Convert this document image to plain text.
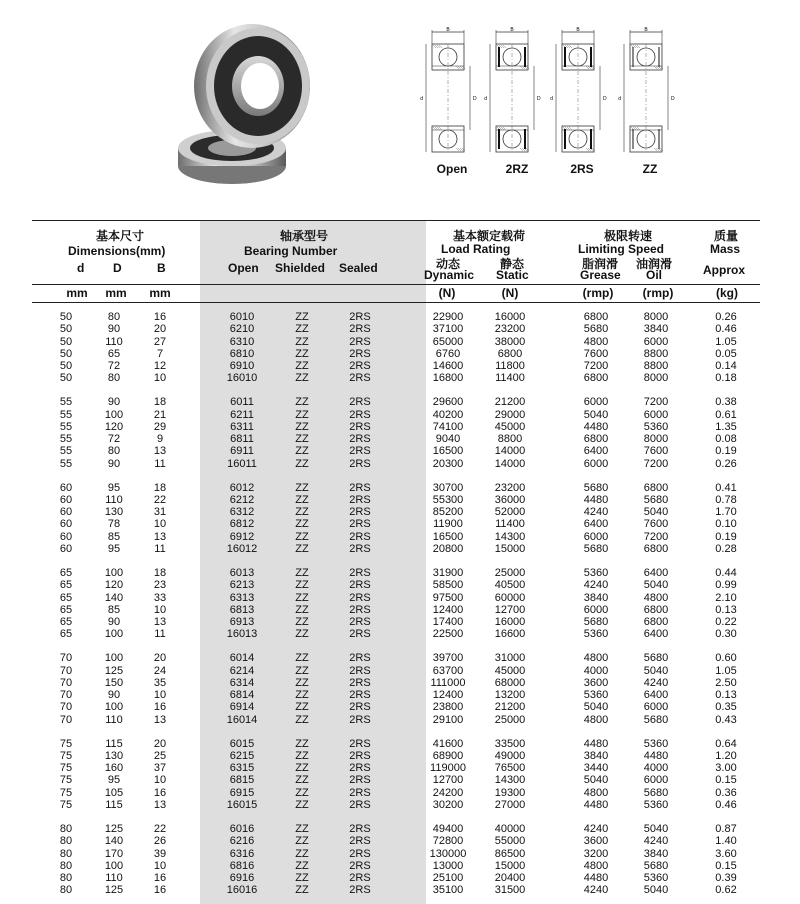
B
d	D
B
d	D
B
d	D
B
d	D
Open	2RZ	2RS	ZZ
基本尺寸
Dimensions(mm)
d D	B
轴承型号
Bearing Number
Open Shielded Sealed
基本额定载荷
Load Rating
动态
Dynamic
静态
Static
极限转速
Limiting Speed
脂润滑
Grease
油润滑
Oil
质量
Mass
Approx
mm mm mm	(N)	(N)	(rmp)	(rmp)	(kg)
50	80	16	6010	ZZ	2RS	22900	16000	6800	8000	0.26
50	90	20	6210	ZZ	2RS	37100	23200	5680	3840	0.46
50	110	27	6310	ZZ	2RS	65000	38000	4800	6000	1.05
50	65	7	6810	ZZ	2RS	6760	6800	7600	8800	0.05
50	72	12	6910	ZZ	2RS	14600	11800	7200	8800	0.14
50	80	10	16010	ZZ	2RS	16800	11400	6800	8000	0.18
55	90	18	6011	ZZ	2RS	29600	21200	6000	7200	0.38
55	100	21	6211	ZZ	2RS	40200	29000	5040	6000	0.61
55	120	29	6311	ZZ	2RS	74100	45000	4480	5360	1.35
55	72	9	6811	ZZ	2RS	9040	8800	6800	8000	0.08
55	80	13	6911	ZZ	2RS	16500	14000	6400	7600	0.19
55	90	11	16011	ZZ	2RS	20300	14000	6000	7200	0.26
60	95	18	6012	ZZ	2RS	30700	23200	5680	6800	0.41
60	110	22	6212	ZZ	2RS	55300	36000	4480	5680	0.78
60	130	31	6312	ZZ	2RS	85200	52000	4240	5040	1.70
60	78	10	6812	ZZ	2RS	11900	11400	6400	7600	0.10
60	85	13	6912	ZZ	2RS	16500	14300	6000	7200	0.19
60	95	11	16012	ZZ	2RS	20800	15000	5680	6800	0.28
65	100	18	6013	ZZ	2RS	31900	25000	5360	6400	0.44
65	120	23	6213	ZZ	2RS	58500	40500	4240	5040	0.99
65	140	33	6313	ZZ	2RS	97500	60000	3840	4800	2.10
65	85	10	6813	ZZ	2RS	12400	12700	6000	6800	0.13
65	90	13	6913	ZZ	2RS	17400	16000	5680	6800	0.22
65	100	11	16013	ZZ	2RS	22500	16600	5360	6400	0.30
70	100	20	6014	ZZ	2RS	39700	31000	4800	5680	0.60
70	125	24	6214	ZZ	2RS	63700	45000	4000	5040	1.05
70	150	35	6314	ZZ	2RS	111000	68000	3600	4240	2.50
70	90	10	6814	ZZ	2RS	12400	13200	5360	6400	0.13
70	100	16	6914	ZZ	2RS	23800	21200	5040	6000	0.35
70	110	13	16014	ZZ	2RS	29100	25000	4800	5680	0.43
75	115	20	6015	ZZ	2RS	41600	33500	4480	5360	0.64
75	130	25	6215	ZZ	2RS	68900	49000	3840	4480	1.20
75	160	37	6315	ZZ	2RS	119000	76500	3440	4000	3.00
75	95	10	6815	ZZ	2RS	12700	14300	5040	6000	0.15
75	105	16	6915	ZZ	2RS	24200	19300	4800	5680	0.36
75	115	13	16015	ZZ	2RS	30200	27000	4480	5360	0.46
80	125	22	6016	ZZ	2RS	49400	40000	4240	5040	0.87
80	140	26	6216	ZZ	2RS	72800	55000	3600	4240	1.40
80	170	39	6316	ZZ	2RS	130000	86500	3200	3840	3.60
80	100	10	6816	ZZ	2RS	13000	15000	4800	5680	0.15
80	110	16	6916	ZZ	2RS	25100	20400	4480	5360	0.39
80	125	16	16016	ZZ	2RS	35100	31500	4240	5040	0.62
